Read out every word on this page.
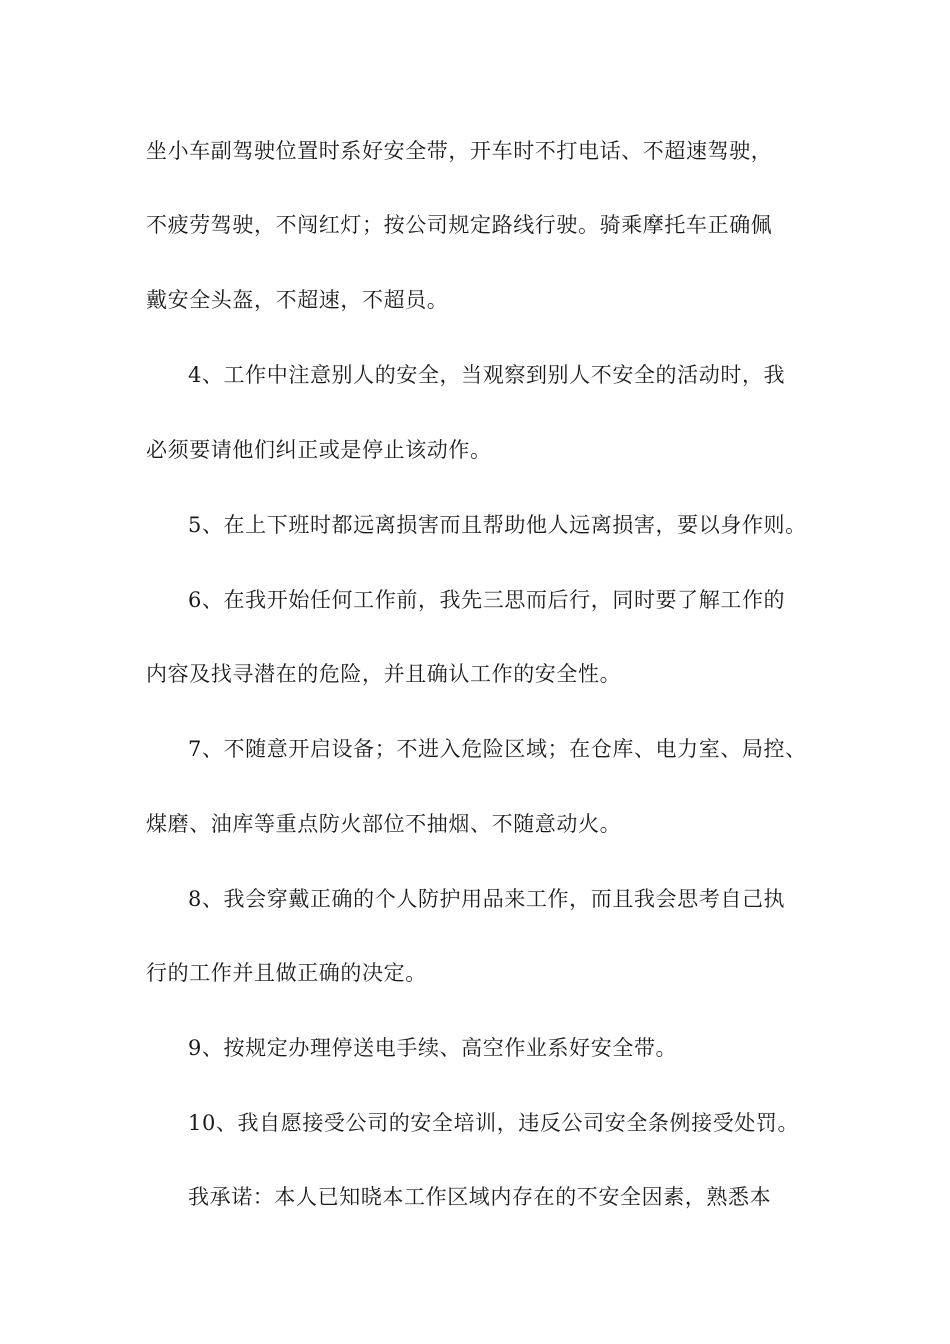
坐小车副驾驶位置时系好安全带，开车时不打电话、不超速驾驶，
不疲劳驾驶，不闯红灯；按公司规定路线行驶。骑乘摩托车正确佩
戴安全头盔，不超速，不超员。
4、工作中注意别人的安全，当观察到别人不安全的活动时，我
必须要请他们纠正或是停止该动作。
5、在上下班时都远离损害而且帮助他人远离损害，要以身作则。
6、在我开始任何工作前，我先三思而后行，同时要了解工作的
内容及找寻潜在的危险，并且确认工作的安全性。
7、不随意开启设备；不进入危险区域；在仓库、电力室、局控、
煤磨、油库等重点防火部位不抽烟、不随意动火。
8、我会穿戴正确的个人防护用品来工作，而且我会思考自己执
行的工作并且做正确的决定。
9、按规定办理停送电手续、高空作业系好安全带。
10、我自愿接受公司的安全培训，违反公司安全条例接受处罚。
我承诺：本人已知晓本工作区域内存在的不安全因素，熟悉本
